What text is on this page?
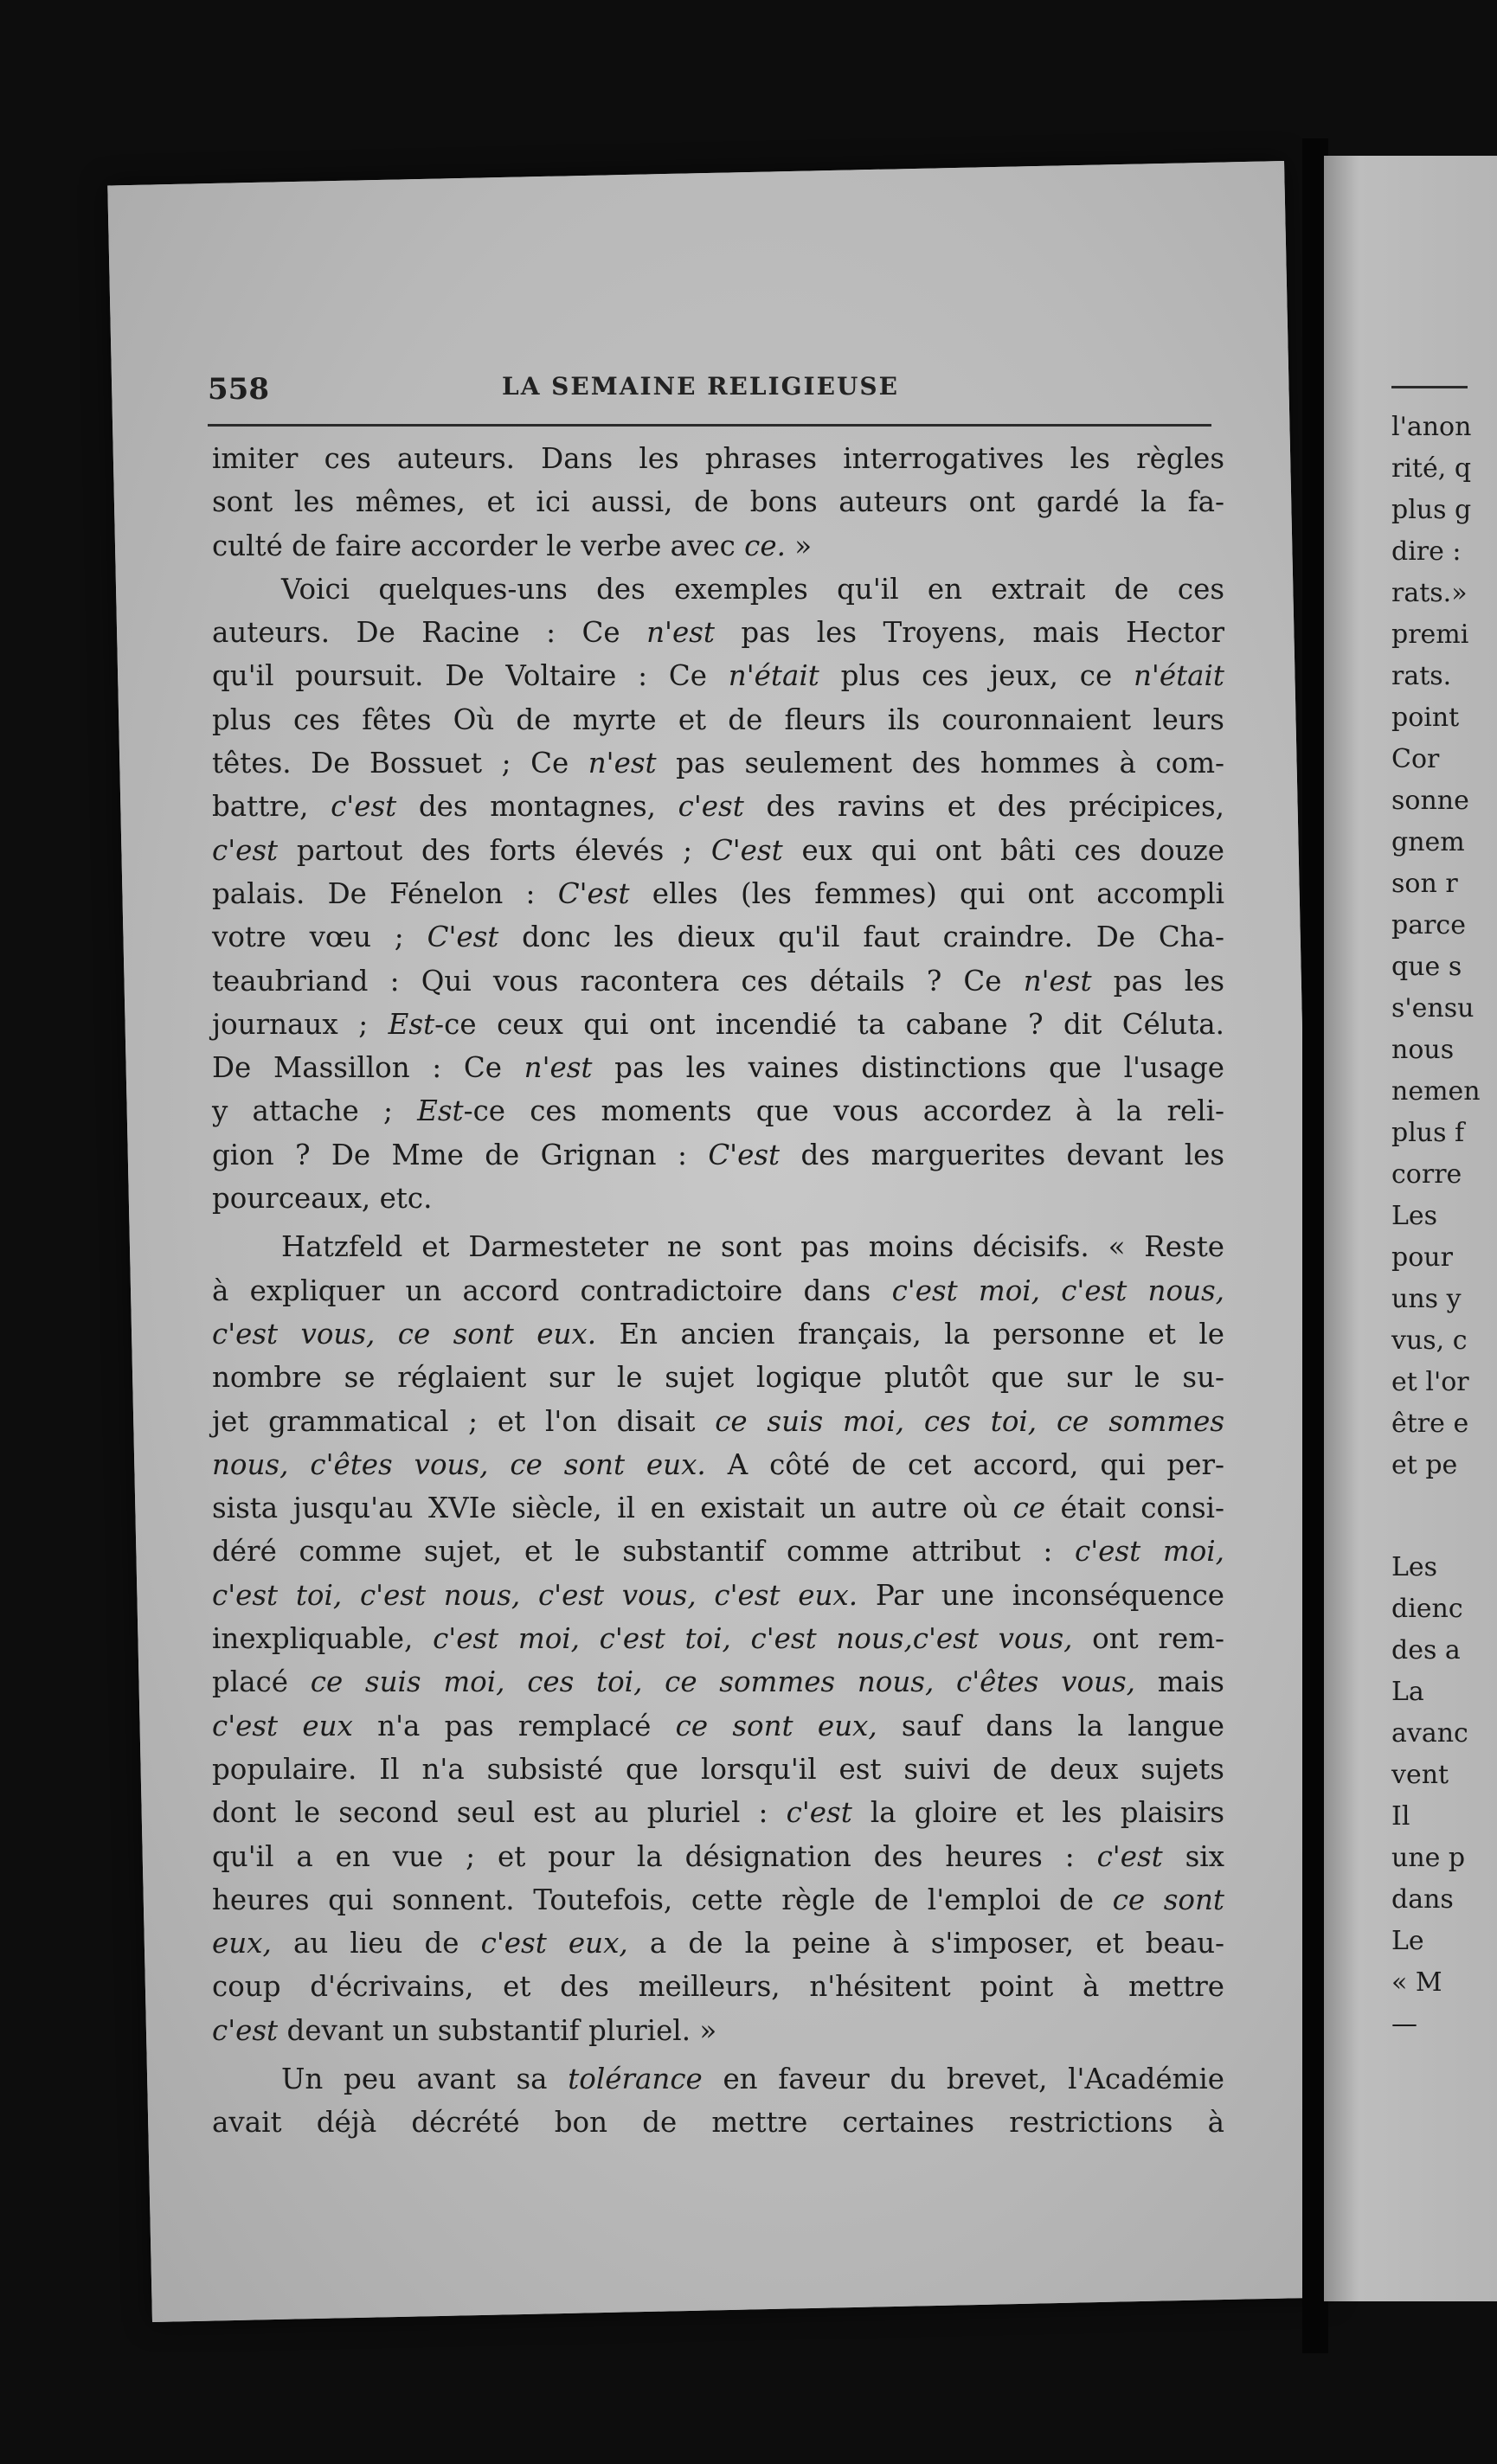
558	LA SEMAINE RELIGIEUSE
imiter ces auteurs. Dans les phrases interrogatives les règles
sont les mêmes, et ici aussi, de bons auteurs ont gardé la fa-
culté de faire accorder le verbe avec ce. »
Voici quelques-uns des exemples qu'il en extrait de ces
auteurs. De Racine : Ce n'est pas les Troyens, mais Hector
qu'il poursuit. De Voltaire : Ce n'était plus ces jeux, ce n'était
plus ces fêtes Où de myrte et de fleurs ils couronnaient leurs
têtes. De Bossuet ; Ce n'est pas seulement des hommes à com-
battre, c'est des montagnes, c'est des ravins et des précipices,
c'est partout des forts élevés ; C'est eux qui ont bâti ces douze
palais. De Fénelon : C'est elles (les femmes) qui ont accompli
votre vœu ; C'est donc les dieux qu'il faut craindre. De Cha-
teaubriand : Qui vous racontera ces détails ? Ce n'est pas les
journaux ; Est-ce ceux qui ont incendié ta cabane ? dit Céluta.
De Massillon : Ce n'est pas les vaines distinctions que l'usage
y attache ; Est-ce ces moments que vous accordez à la reli-
gion ? De Mme de Grignan : C'est des marguerites devant les
pourceaux, etc.
Hatzfeld et Darmesteter ne sont pas moins décisifs. « Reste
à expliquer un accord contradictoire dans c'est moi, c'est nous,
c'est vous, ce sont eux. En ancien français, la personne et le
nombre se réglaient sur le sujet logique plutôt que sur le su-
jet grammatical ; et l'on disait ce suis moi, ces toi, ce sommes
nous, c'êtes vous, ce sont eux. A côté de cet accord, qui per-
sista jusqu'au XVIe siècle, il en existait un autre où ce était consi-
déré comme sujet, et le substantif comme attribut : c'est moi,
c'est toi, c'est nous, c'est vous, c'est eux. Par une inconséquence
inexpliquable, c'est moi, c'est toi, c'est nous,c'est vous, ont rem-
placé ce suis moi, ces toi, ce sommes nous, c'êtes vous, mais
c'est eux n'a pas remplacé ce sont eux, sauf dans la langue
populaire. Il n'a subsisté que lorsqu'il est suivi de deux sujets
dont le second seul est au pluriel : c'est la gloire et les plaisirs
qu'il a en vue ; et pour la désignation des heures : c'est six
heures qui sonnent. Toutefois, cette règle de l'emploi de ce sont
eux, au lieu de c'est eux, a de la peine à s'imposer, et beau-
coup d'écrivains, et des meilleurs, n'hésitent point à mettre
c'est devant un substantif pluriel. »
Un peu avant sa tolérance en faveur du brevet, l'Académie
avait déjà décrété bon de mettre certaines restrictions à
l'anon
rité, q
plus g
dire :
rats.»
premi
rats.
point
Cor
sonne
gnem
son r
parce
que s
s'ensu
nous
nemen
plus f
corre
Les
pour
uns y
vus, c
et l'or
être e
et pe
Les
dienc
des a
La
avanc
vent
Il
une p
dans
Le
« M
—
